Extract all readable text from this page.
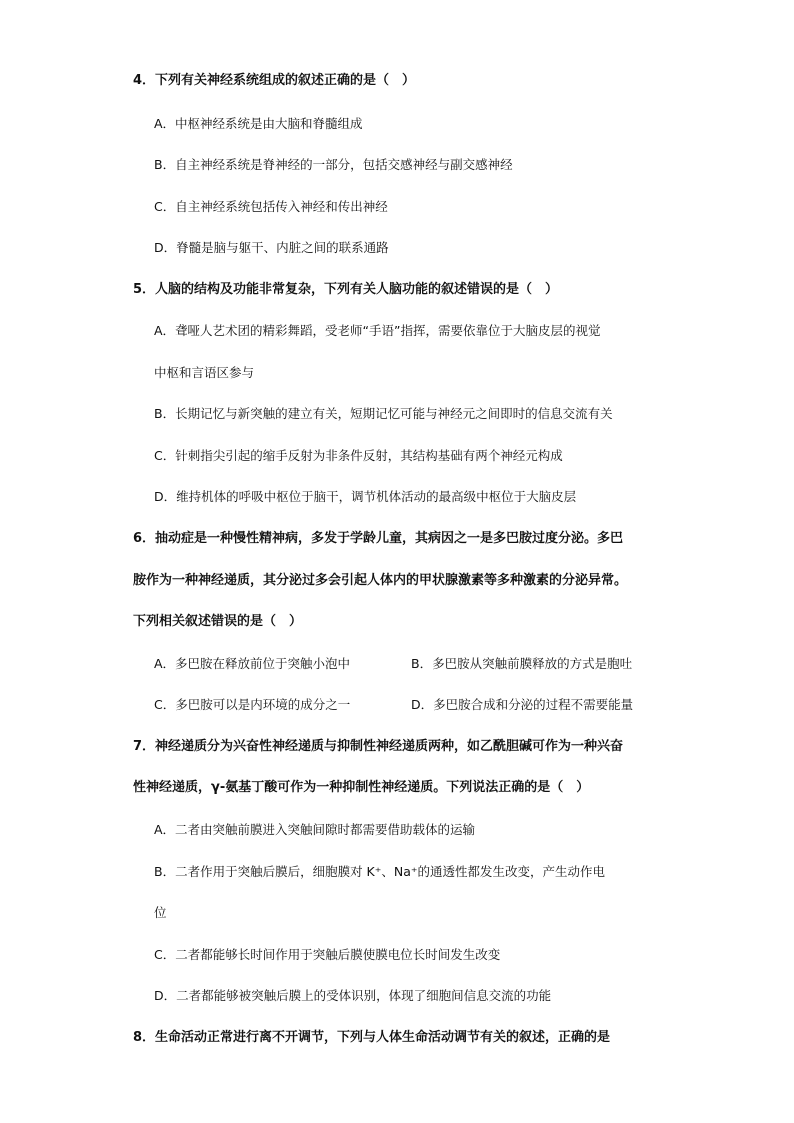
4．下列有关神经系统组成的叙述正确的是（　）
A．中枢神经系统是由大脑和脊髓组成
B．自主神经系统是脊神经的一部分，包括交感神经与副交感神经
C．自主神经系统包括传入神经和传出神经
D．脊髓是脑与躯干、内脏之间的联系通路
5．人脑的结构及功能非常复杂，下列有关人脑功能的叙述错误的是（　）
A．聋哑人艺术团的精彩舞蹈，受老师“手语”指挥，需要依靠位于大脑皮层的视觉
中枢和言语区参与
B．长期记忆与新突触的建立有关，短期记忆可能与神经元之间即时的信息交流有关
C．针刺指尖引起的缩手反射为非条件反射，其结构基础有两个神经元构成
D．维持机体的呼吸中枢位于脑干，调节机体活动的最高级中枢位于大脑皮层
6．抽动症是一种慢性精神病，多发于学龄儿童，其病因之一是多巴胺过度分泌。多巴
胺作为一种神经递质，其分泌过多会引起人体内的甲状腺激素等多种激素的分泌异常。
下列相关叙述错误的是（　）
A．多巴胺在释放前位于突触小泡中	B．多巴胺从突触前膜释放的方式是胞吐
C．多巴胺可以是内环境的成分之一	D．多巴胺合成和分泌的过程不需要能量
7．神经递质分为兴奋性神经递质与抑制性神经递质两种，如乙酰胆碱可作为一种兴奋
性神经递质，γ-氨基丁酸可作为一种抑制性神经递质。下列说法正确的是（　）
A．二者由突触前膜进入突触间隙时都需要借助载体的运输
B．二者作用于突触后膜后，细胞膜对 K⁺、Na⁺的通透性都发生改变，产生动作电
位
C．二者都能够长时间作用于突触后膜使膜电位长时间发生改变
D．二者都能够被突触后膜上的受体识别，体现了细胞间信息交流的功能
8．生命活动正常进行离不开调节，下列与人体生命活动调节有关的叙述，正确的是
